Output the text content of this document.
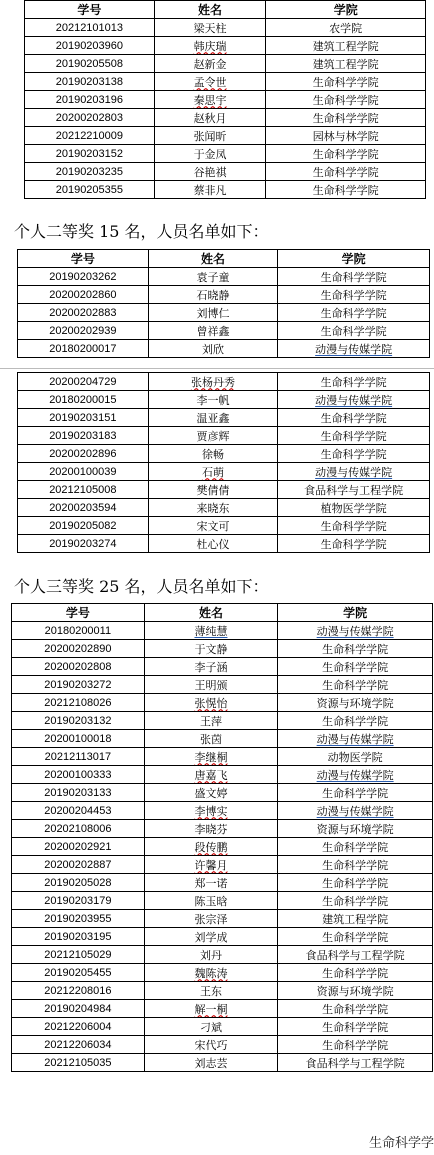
学号	姓名	学院
20212101013	梁天柱	农学院
20190203960	韩庆瑞	建筑工程学院
20190205508	赵新金	建筑工程学院
20190203138	孟令世	生命科学学院
20190203196	秦思宇	生命科学学院
20200202803	赵秋月	生命科学学院
20212210009	张闻昕	园林与林学院
20190203152	于金凤	生命科学学院
20190203235	谷艳祺	生命科学学院
20190205355	蔡非凡	生命科学学院
个人二等奖 15 名，人员名单如下：
学号	姓名	学院
20190203262	袁子童	生命科学学院
20200202860	石晓静	生命科学学院
20200202883	刘博仁	生命科学学院
20200202939	曾祥鑫	生命科学学院
20180200017	刘欣	动漫与传媒学院
20200204729	张杨丹秀	生命科学学院
20180200015	李一帆	动漫与传媒学院
20190203151	温亚鑫	生命科学学院
20190203183	贾彦辉	生命科学学院
20200202896	徐畅	生命科学学院
20200100039	石萌	动漫与传媒学院
20212105008	樊倩倩	食品科学与工程学院
20200203594	来晓东	植物医学学院
20190205082	宋文可	生命科学学院
20190203274	杜心仪	生命科学学院
个人三等奖 25 名，人员名单如下：
学号	姓名	学院
20180200011	薄纯慧	动漫与传媒学院
20200202890	于文静	生命科学学院
20200202808	李子涵	生命科学学院
20190203272	王明颁	生命科学学院
20212108026	张愰怡	资源与环境学院
20190203132	王萍	生命科学学院
20200100018	张茵	动漫与传媒学院
20212113017	李继桐	动物医学院
20200100333	唐嘉飞	动漫与传媒学院
20190203133	盛文婷	生命科学学院
20200204453	李博实	动漫与传媒学院
20202108006	李晓芬	资源与环境学院
20200202921	段传鹏	生命科学学院
20200202887	许馨月	生命科学学院
20190205028	郑一诺	生命科学学院
20190203179	陈玉晗	生命科学学院
20190203955	张宗泽	建筑工程学院
20190203195	刘学成	生命科学学院
20212105029	刘丹	食品科学与工程学院
20190205455	魏陈涛	生命科学学院
20212208016	王东	资源与环境学院
20190204984	解一桐	生命科学学院
20212206004	刁斌	生命科学学院
20212206034	宋代巧	生命科学学院
20212105035	刘志芸	食品科学与工程学院
生命科学学
